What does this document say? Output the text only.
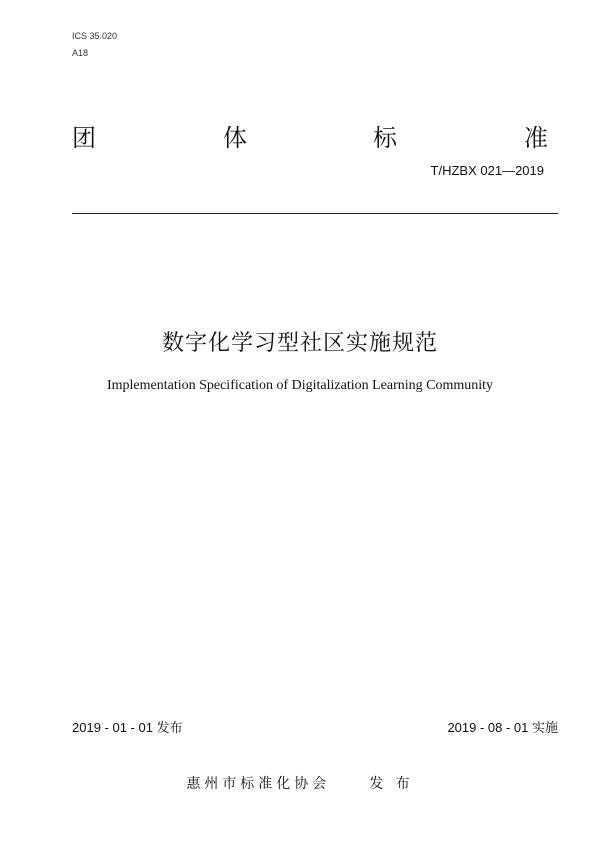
ICS 35.020
A18
团	体	标	准
T/HZBX 021—2019
数字化学习型社区实施规范
Implementation Specification of Digitalization Learning Community
2019 - 01 - 01 发布	2019 - 08 - 01 实施
惠州市标准化协会	发 布
